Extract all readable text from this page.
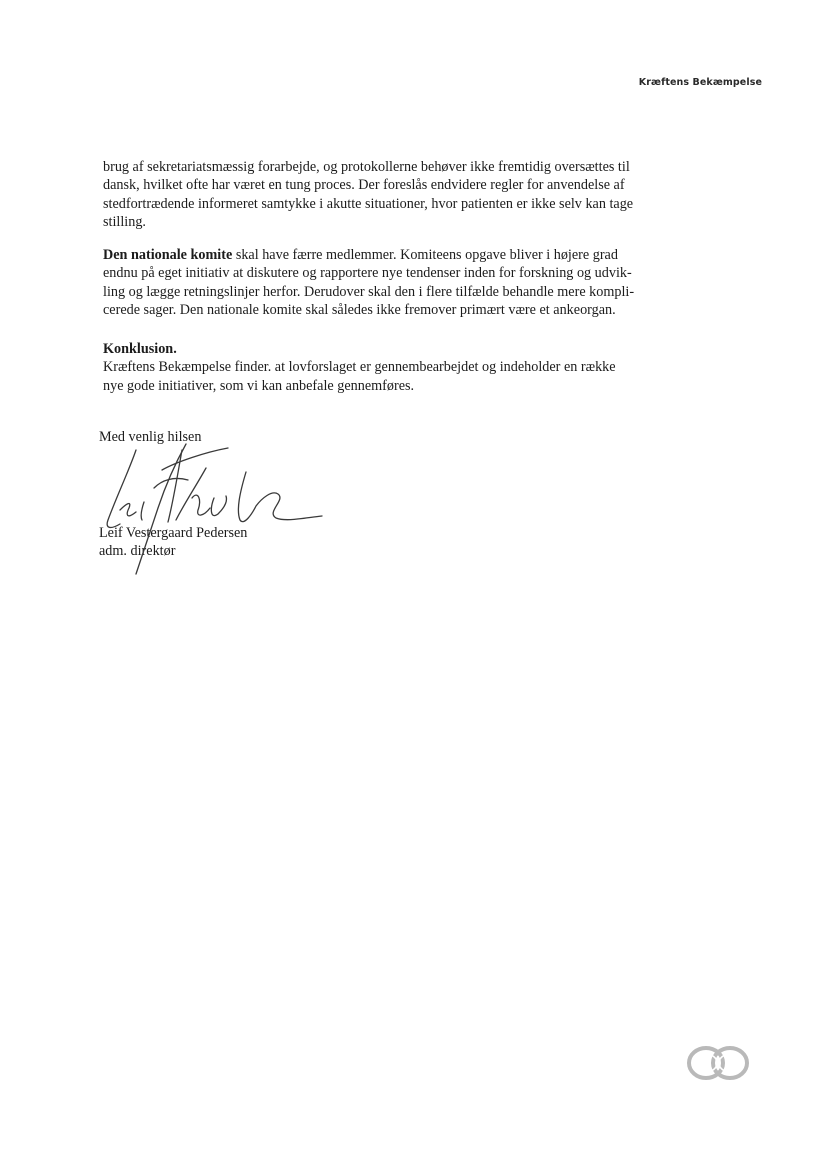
Kræftens Bekæmpelse
brug af sekretariatsmæssig forarbejde, og protokollerne behøver ikke fremtidig oversættes til
dansk, hvilket ofte har været en tung proces. Der foreslås endvidere regler for anvendelse af
stedfortrædende informeret samtykke i akutte situationer, hvor patienten er ikke selv kan tage
stilling.
Den nationale komite skal have færre medlemmer. Komiteens opgave bliver i højere grad
endnu på eget initiativ at diskutere og rapportere nye tendenser inden for forskning og udvik-
ling og lægge retningslinjer herfor. Derudover skal den i flere tilfælde behandle mere kompli-
cerede sager. Den nationale komite skal således ikke fremover primært være et ankeorgan.
Konklusion.
Kræftens Bekæmpelse finder. at lovforslaget er gennembearbejdet og indeholder en række
nye gode initiativer, som vi kan anbefale gennemføres.
Med venlig hilsen
Leif Vestergaard Pedersen
adm. direktør
